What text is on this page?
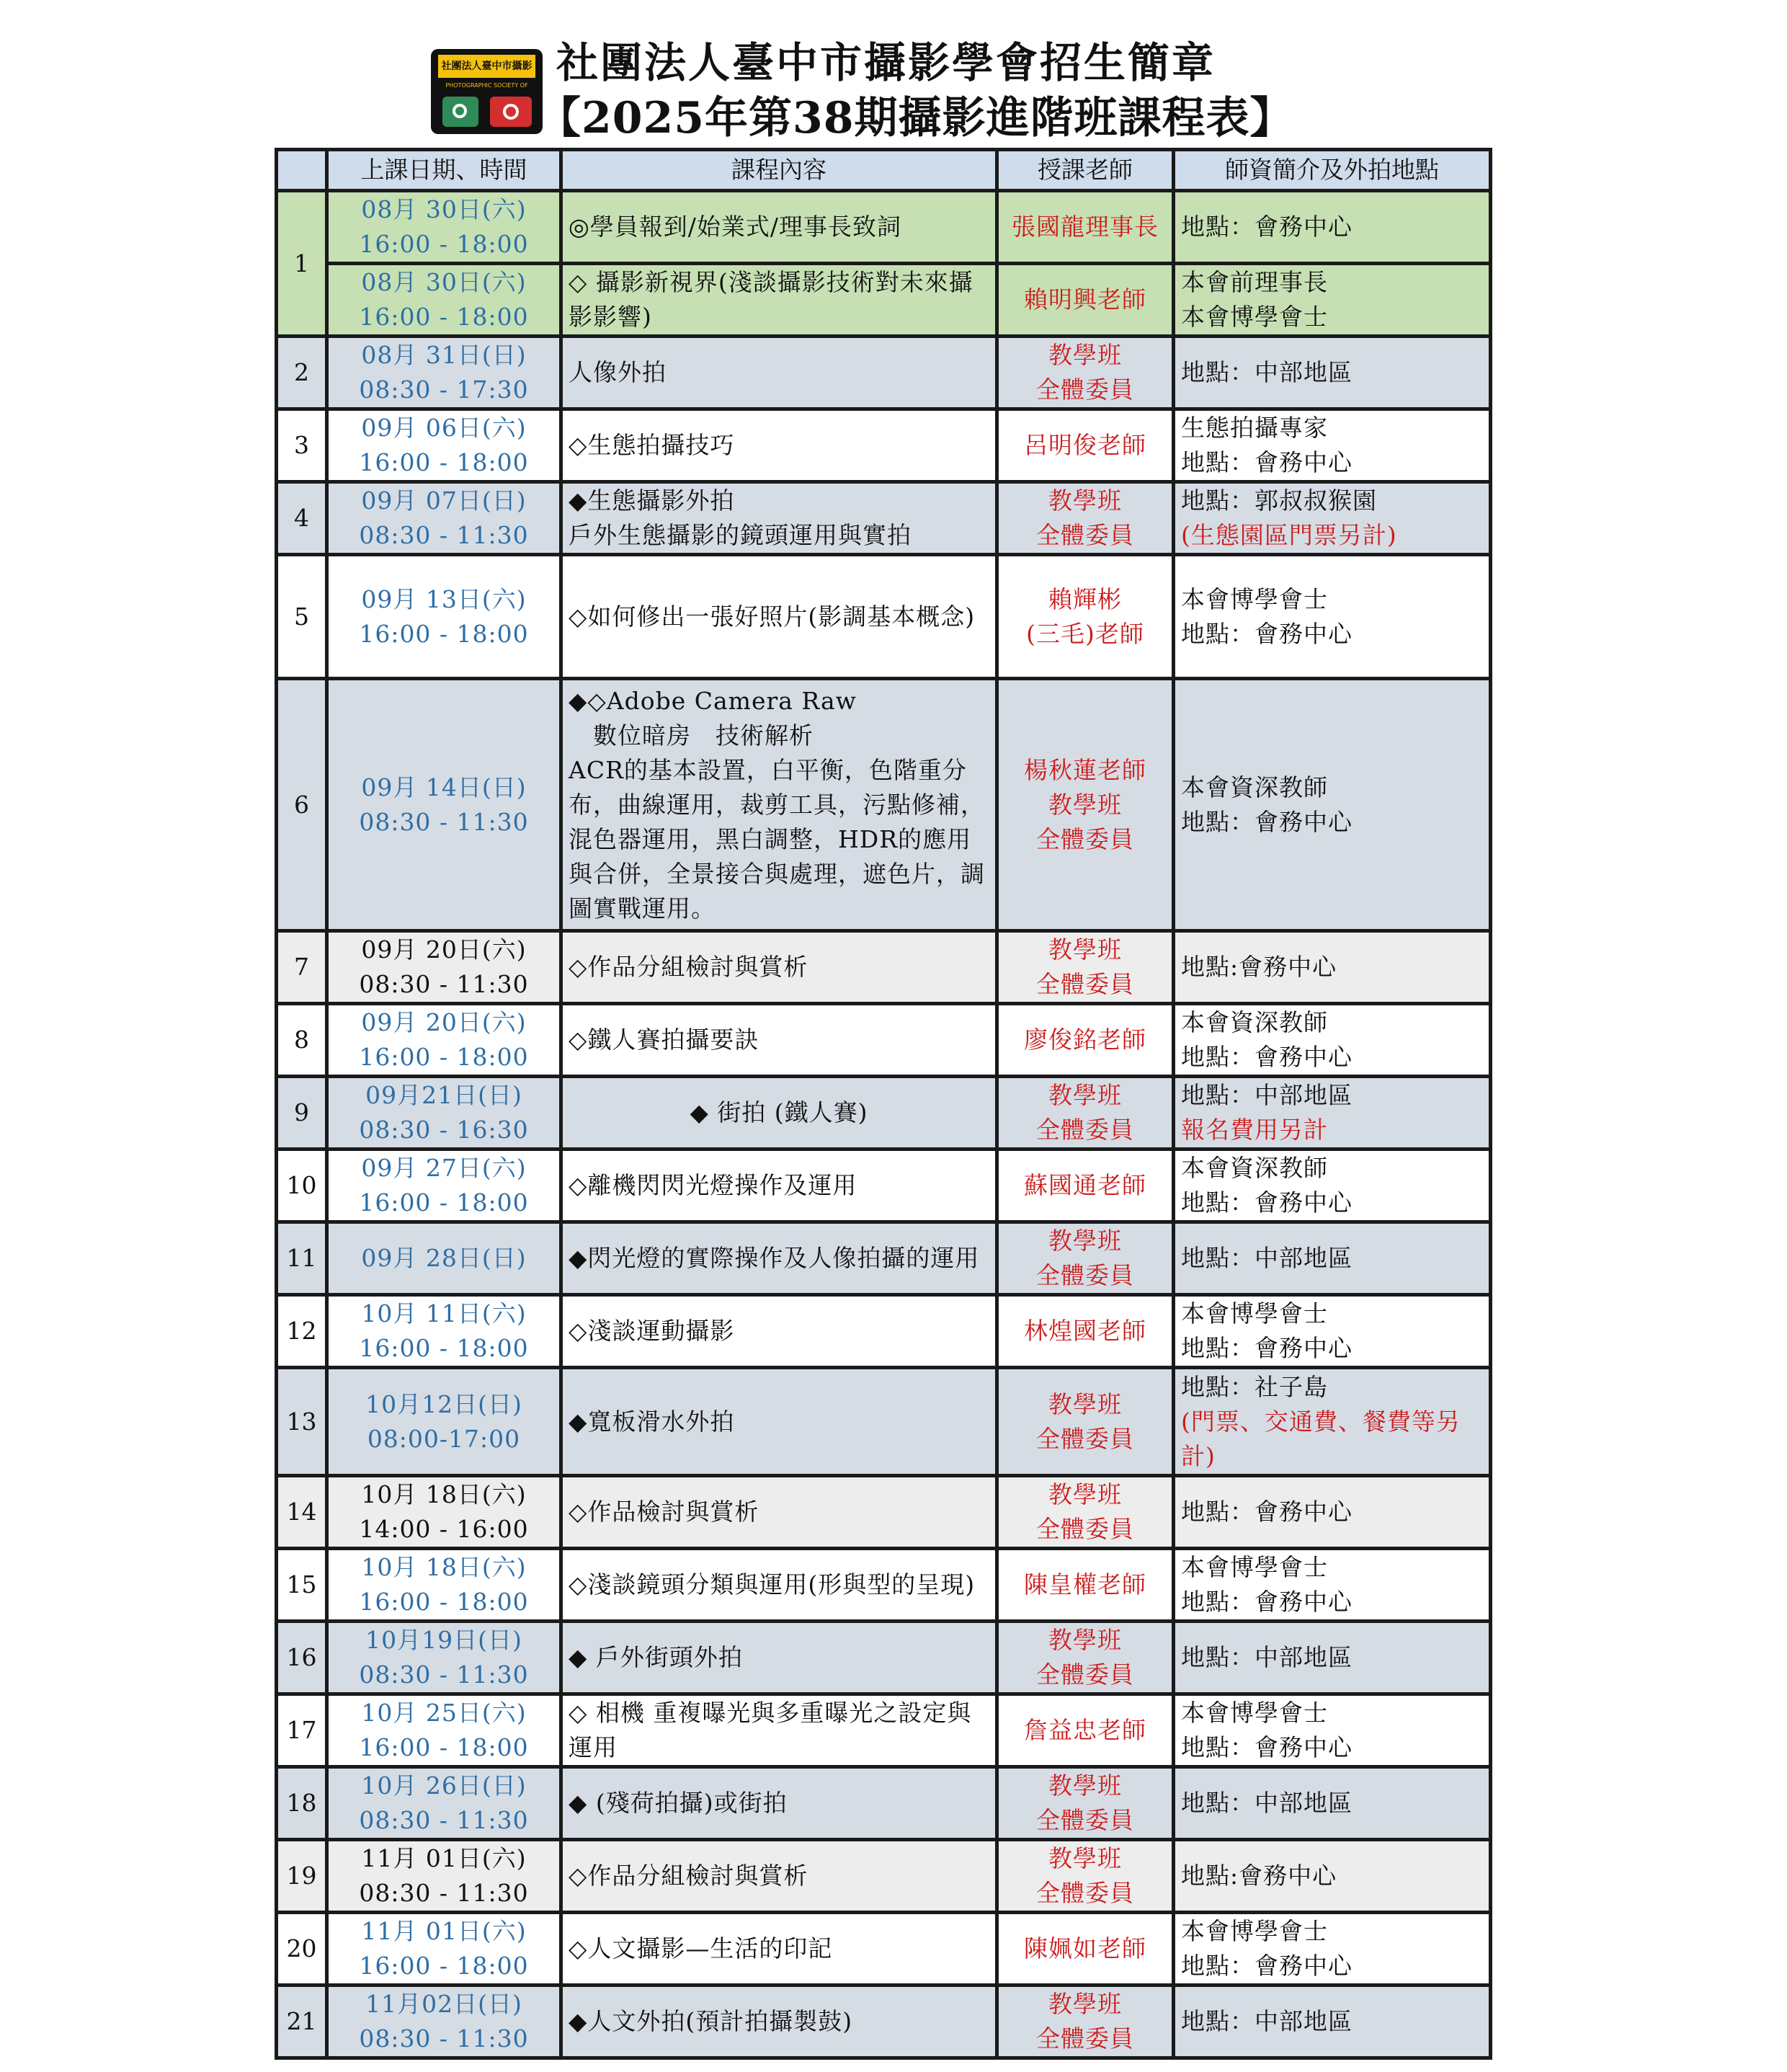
社團法人臺中市攝影
PHOTOGRAPHIC SOCIETY OF 社團法人臺中市攝影學會招生簡章
【2025年第38期攝影進階班課程表】
	上課日期、時間	課程內容	授課老師	師資簡介及外拍地點
1	08月 30日(六)
16:00 - 18:00	◎學員報到/始業式/理事長致詞	張國龍理事長	地點：會務中心

	08月 30日(六)
16:00 - 18:00	◇ 攝影新視界(淺談攝影技術對未來攝影影響)	賴明興老師	本會前理事長
本會博學會士

2	08月 31日(日)
08:30 - 17:30	人像外拍	教學班
全體委員	地點：中部地區

3	09月 06日(六)
16:00 - 18:00	◇生態拍攝技巧	呂明俊老師	生態拍攝專家
地點：會務中心

4	09月 07日(日)
08:30 - 11:30	◆生態攝影外拍
戶外生態攝影的鏡頭運用與實拍	教學班
全體委員	地點：郭叔叔猴園
(生態園區門票另計)

5	09月 13日(六)
16:00 - 18:00	◇如何修出一張好照片(影調基本概念)	賴輝彬
(三毛)老師	本會博學會士
地點：會務中心

6	09月 14日(日)
08:30 - 11:30	◆◇Adobe Camera Raw
　數位暗房　技術解析
ACR的基本設置，白平衡，色階重分布，曲線運用，裁剪工具，污點修補，混色器運用，黑白調整，HDR的應用與合併，全景接合與處理，遮色片，調圖實戰運用。	楊秋蓮老師
教學班
全體委員	本會資深教師
地點：會務中心

7	09月 20日(六)
08:30 - 11:30	◇作品分組檢討與賞析	教學班
全體委員	地點:會務中心

8	09月 20日(六)
16:00 - 18:00	◇鐵人賽拍攝要訣	廖俊銘老師	本會資深教師
地點：會務中心

9	09月21日(日)
08:30 - 16:30	◆ 街拍 (鐵人賽)	教學班
全體委員	地點：中部地區
報名費用另計

10	09月 27日(六)
16:00 - 18:00	◇離機閃閃光燈操作及運用	蘇國通老師	本會資深教師
地點：會務中心

11	09月 28日(日)	◆閃光燈的實際操作及人像拍攝的運用	教學班
全體委員	地點：中部地區

12	10月 11日(六)
16:00 - 18:00	◇淺談運動攝影	林煌國老師	本會博學會士
地點：會務中心

13	10月12日(日)
08:00-17:00	◆寬板滑水外拍	教學班
全體委員	地點：社子島
(門票、交通費、餐費等另計)

14	10月 18日(六)
14:00 - 16:00	◇作品檢討與賞析	教學班
全體委員	地點：會務中心

15	10月 18日(六)
16:00 - 18:00	◇淺談鏡頭分類與運用(形與型的呈現)	陳皇權老師	本會博學會士
地點：會務中心

16	10月19日(日)
08:30 - 11:30	◆ 戶外街頭外拍	教學班
全體委員	地點：中部地區

17	10月 25日(六)
16:00 - 18:00	◇ 相機 重複曝光與多重曝光之設定與運用	詹益忠老師	本會博學會士
地點：會務中心

18	10月 26日(日)
08:30 - 11:30	◆ (殘荷拍攝)或街拍	教學班
全體委員	地點：中部地區

19	11月 01日(六)
08:30 - 11:30	◇作品分組檢討與賞析	教學班
全體委員	地點:會務中心

20	11月 01日(六)
16:00 - 18:00	◇人文攝影—生活的印記	陳姵如老師	本會博學會士
地點：會務中心

21	11月02日(日)
08:30 - 11:30	◆人文外拍(預計拍攝製鼓)	教學班
全體委員	地點：中部地區
